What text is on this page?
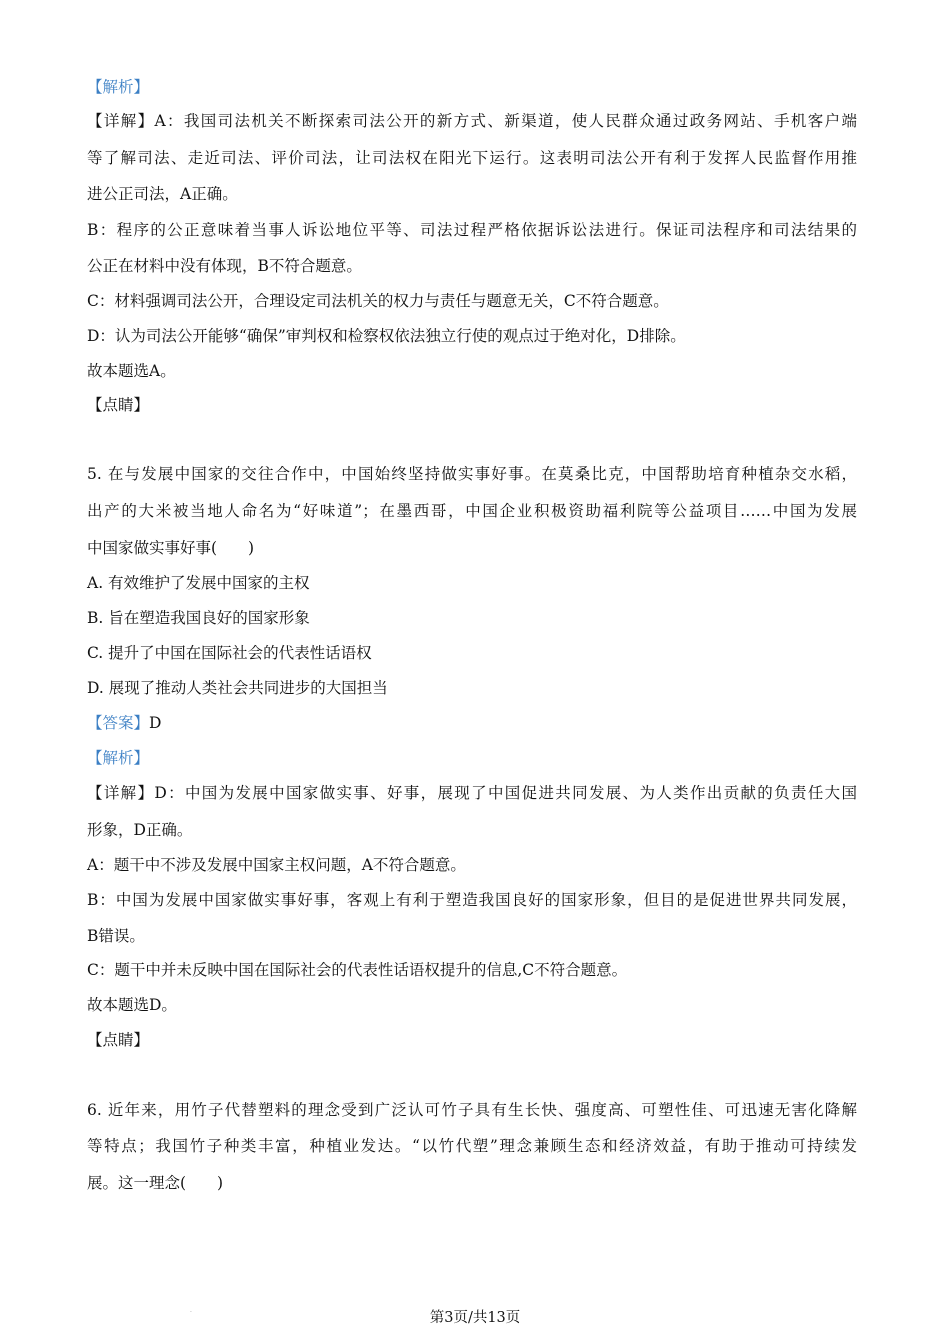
【解析】
【详解】A：我国司法机关不断探索司法公开的新方式、新渠道，使人民群众通过政务网站、手机客户端
等了解司法、走近司法、评价司法，让司法权在阳光下运行。这表明司法公开有利于发挥人民监督作用推
进公正司法，A正确。
B：程序的公正意味着当事人诉讼地位平等、司法过程严格依据诉讼法进行。保证司法程序和司法结果的
公正在材料中没有体现，B不符合题意。
C：材料强调司法公开，合理设定司法机关的权力与责任与题意无关，C不符合题意。
D：认为司法公开能够“确保”审判权和检察权依法独立行使的观点过于绝对化，D排除。
故本题选A。
【点睛】
5. 在与发展中国家的交往合作中，中国始终坚持做实事好事。在莫桑比克，中国帮助培育种植杂交水稻，
出产的大米被当地人命名为“好味道”；在墨西哥，中国企业积极资助福利院等公益项目……中国为发展
中国家做实事好事(　　)
A. 有效维护了发展中国家的主权
B. 旨在塑造我国良好的国家形象
C. 提升了中国在国际社会的代表性话语权
D. 展现了推动人类社会共同进步的大国担当
【答案】D
【解析】
【详解】D：中国为发展中国家做实事、好事，展现了中国促进共同发展、为人类作出贡献的负责任大国
形象，D正确。
A：题干中不涉及发展中国家主权问题，A不符合题意。
B：中国为发展中国家做实事好事，客观上有利于塑造我国良好的国家形象，但目的是促进世界共同发展，
B错误。
C：题干中并未反映中国在国际社会的代表性话语权提升的信息,C不符合题意。
故本题选D。
【点睛】
6. 近年来，用竹子代替塑料的理念受到广泛认可竹子具有生长快、强度高、可塑性佳、可迅速无害化降解
等特点；我国竹子种类丰富，种植业发达。“以竹代塑”理念兼顾生态和经济效益，有助于推动可持续发
展。这一理念(　　)
·	第3页/共13页
